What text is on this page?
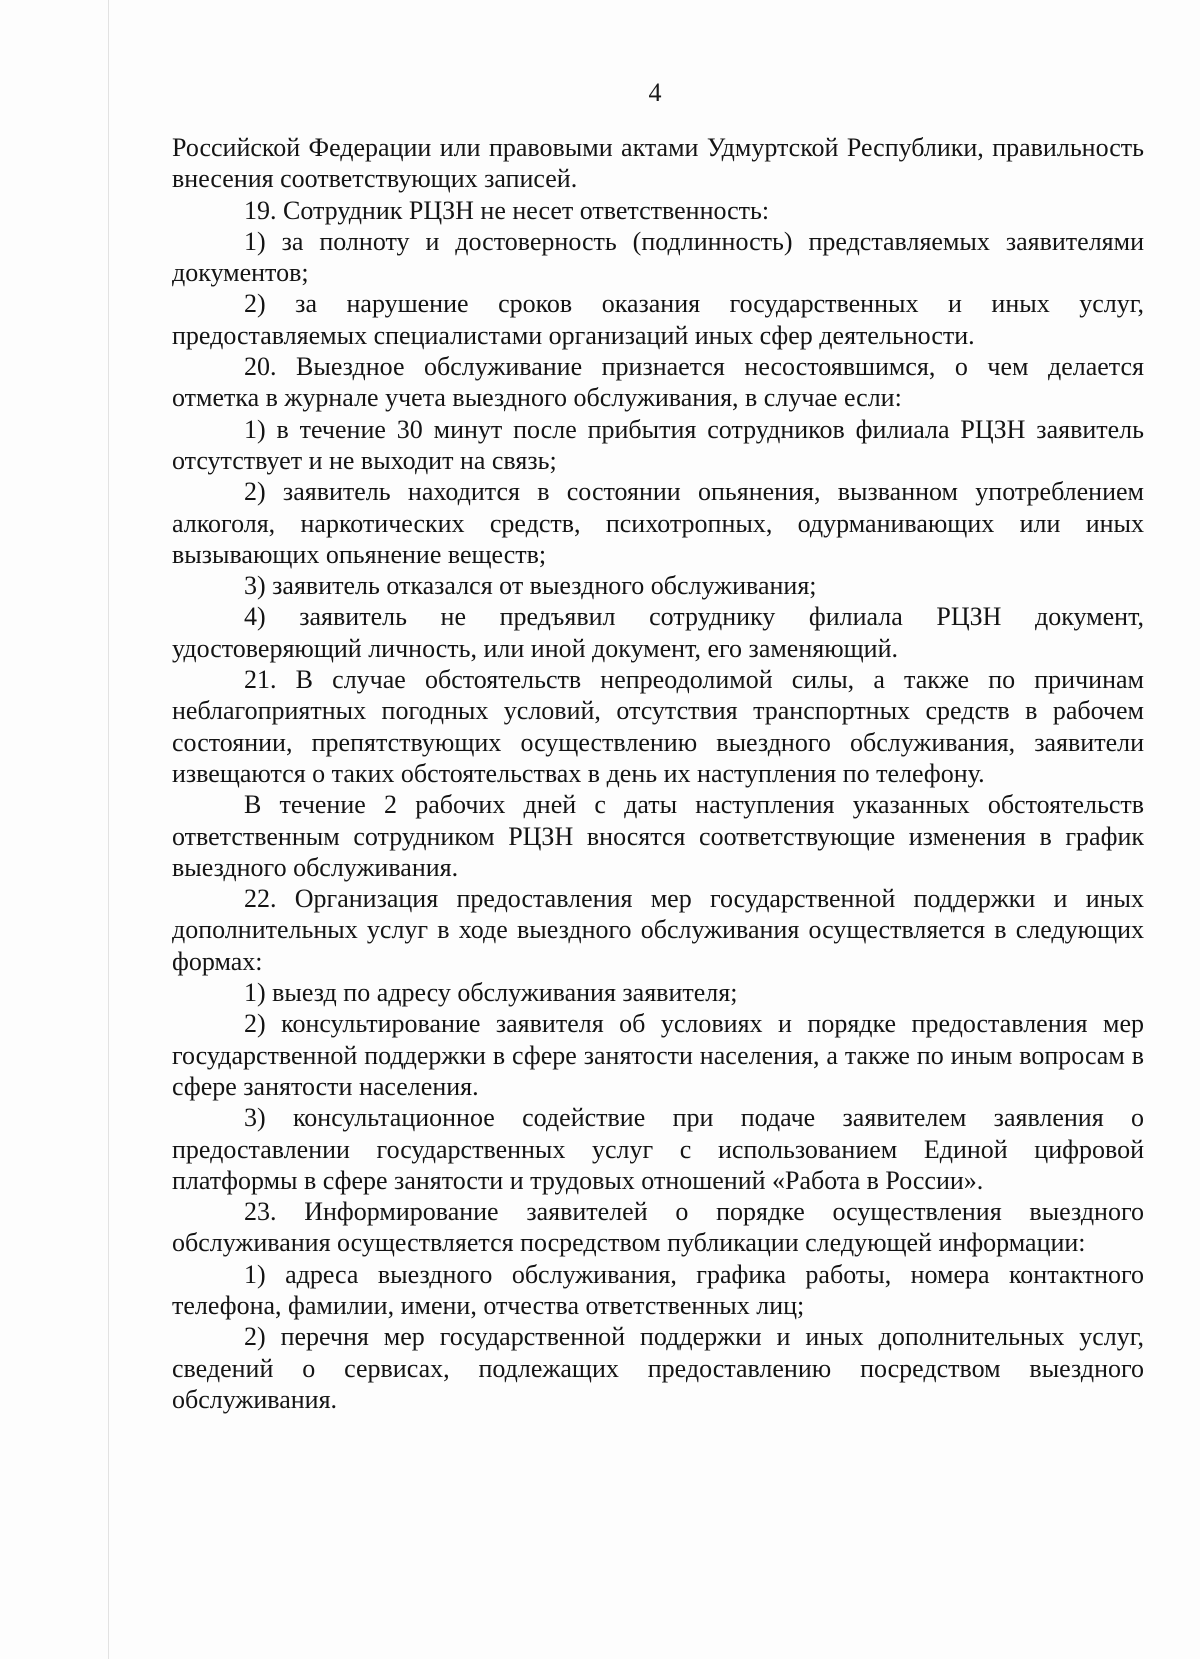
4

Российской Федерации или правовыми актами Удмуртской Республики, правильность внесения соответствующих записей.

19. Сотрудник РЦЗН не несет ответственность:

1) за полноту и достоверность (подлинность) представляемых заявителями документов;

2) за нарушение сроков оказания государственных и иных услуг, предоставляемых специалистами организаций иных сфер деятельности.

20. Выездное обслуживание признается несостоявшимся, о чем делается отметка в журнале учета выездного обслуживания, в случае если:

1) в течение 30 минут после прибытия сотрудников филиала РЦЗН заявитель отсутствует и не выходит на связь;

2) заявитель находится в состоянии опьянения, вызванном употреблением алкоголя, наркотических средств, психотропных, одурманивающих или иных вызывающих опьянение веществ;

3) заявитель отказался от выездного обслуживания;

4) заявитель не предъявил сотруднику филиала РЦЗН документ, удостоверяющий личность, или иной документ, его заменяющий.

21. В случае обстоятельств непреодолимой силы, а также по причинам неблагоприятных погодных условий, отсутствия транспортных средств в рабочем состоянии, препятствующих осуществлению выездного обслуживания, заявители извещаются о таких обстоятельствах в день их наступления по телефону.

В течение 2 рабочих дней с даты наступления указанных обстоятельств ответственным сотрудником РЦЗН вносятся соответствующие изменения в график выездного обслуживания.

22. Организация предоставления мер государственной поддержки и иных дополнительных услуг в ходе выездного обслуживания осуществляется в следующих формах:

1) выезд по адресу обслуживания заявителя;

2) консультирование заявителя об условиях и порядке предоставления мер государственной поддержки в сфере занятости населения, а также по иным вопросам в сфере занятости населения.

3) консультационное содействие при подаче заявителем заявления о предоставлении государственных услуг с использованием Единой цифровой платформы в сфере занятости и трудовых отношений «Работа в России».

23. Информирование заявителей о порядке осуществления выездного обслуживания осуществляется посредством публикации следующей информации:

1) адреса выездного обслуживания, графика работы, номера контактного телефона, фамилии, имени, отчества ответственных лиц;

2) перечня мер государственной поддержки и иных дополнительных услуг, сведений о сервисах, подлежащих предоставлению посредством выездного обслуживания.
